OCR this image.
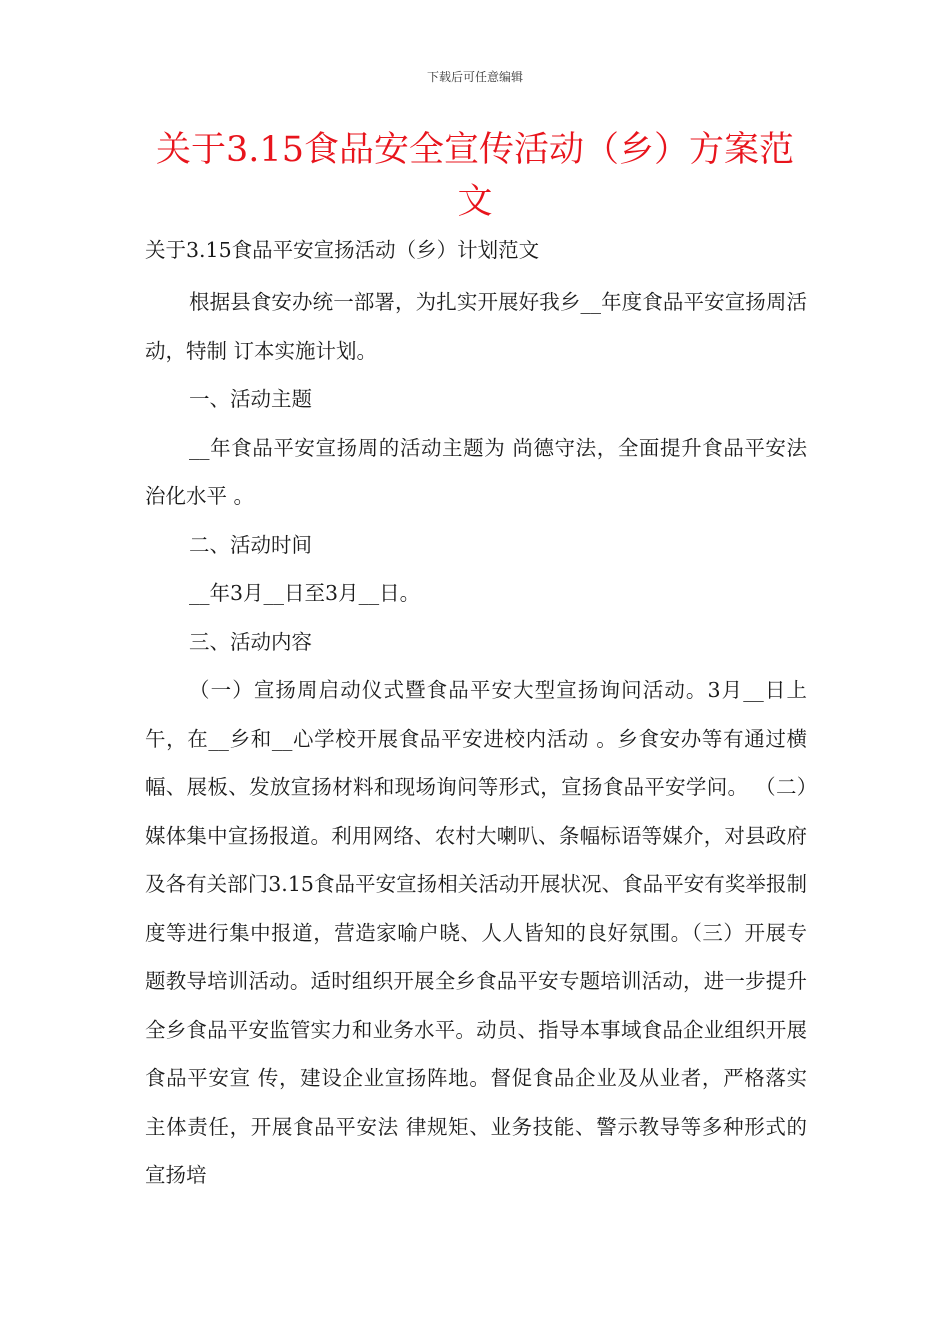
下载后可任意编辑
关于3.15食品安全宣传活动（乡）方案范文

关于3.15食品平安宣扬活动（乡）计划范文

根据县食安办统一部署，为扎实开展好我乡__年度食品平安宣扬周活动，特制 订本实施计划。

一、活动主题

__年食品平安宣扬周的活动主题为 尚德守法，全面提升食品平安法治化水平 。

二、活动时间

__年3月__日至3月__日。

三、活动内容

（一）宣扬周启动仪式暨食品平安大型宣扬询问活动。3月__日上午，在__乡和__心学校开展食品平安进校内活动 。乡食安办等有通过横幅、展板、发放宣扬材料和现场询问等形式，宣扬食品平安学问。 （二）媒体集中宣扬报道。利用网络、农村大喇叭、条幅标语等媒介，对县政府及各有关部门3.15食品平安宣扬相关活动开展状况、食品平安有奖举报制度等进行集中报道，营造家喻户晓、人人皆知的良好氛围。（三）开展专题教导培训活动。适时组织开展全乡食品平安专题培训活动，进一步提升全乡食品平安监管实力和业务水平。动员、指导本事域食品企业组织开展食品平安宣 传，建设企业宣扬阵地。督促食品企业及从业者，严格落实主体责任，开展食品平安法 律规矩、业务技能、警示教导等多种形式的宣扬培
